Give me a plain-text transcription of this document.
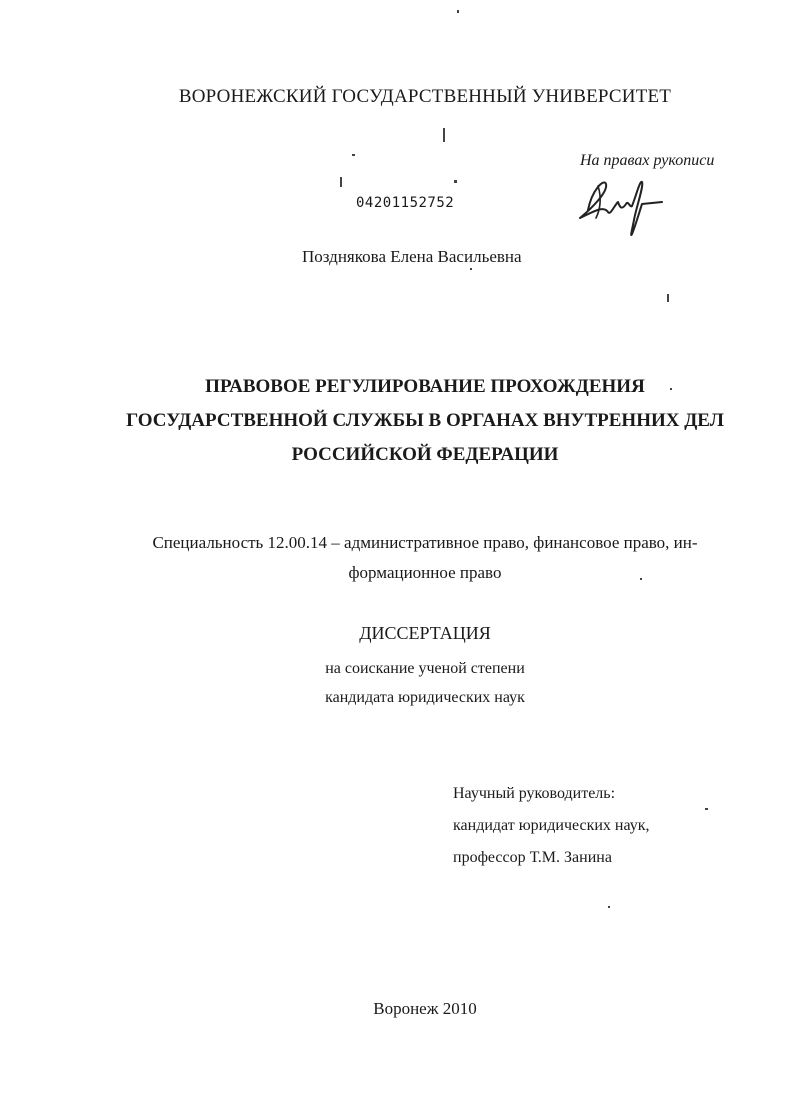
ВОРОНЕЖСКИЙ ГОСУДАРСТВЕННЫЙ УНИВЕРСИТЕТ
На правах рукописи
04201152752
Позднякова Елена Васильевна
ПРАВОВОЕ РЕГУЛИРОВАНИЕ ПРОХОЖДЕНИЯ
ГОСУДАРСТВЕННОЙ СЛУЖБЫ В ОРГАНАХ ВНУТРЕННИХ ДЕЛ
РОССИЙСКОЙ ФЕДЕРАЦИИ
Специальность 12.00.14 – административное право, финансовое право, ин-
формационное право
ДИССЕРТАЦИЯ
на соискание ученой степени
кандидата юридических наук
Научный руководитель:
кандидат юридических наук,
профессор Т.М. Занина
Воронеж 2010
